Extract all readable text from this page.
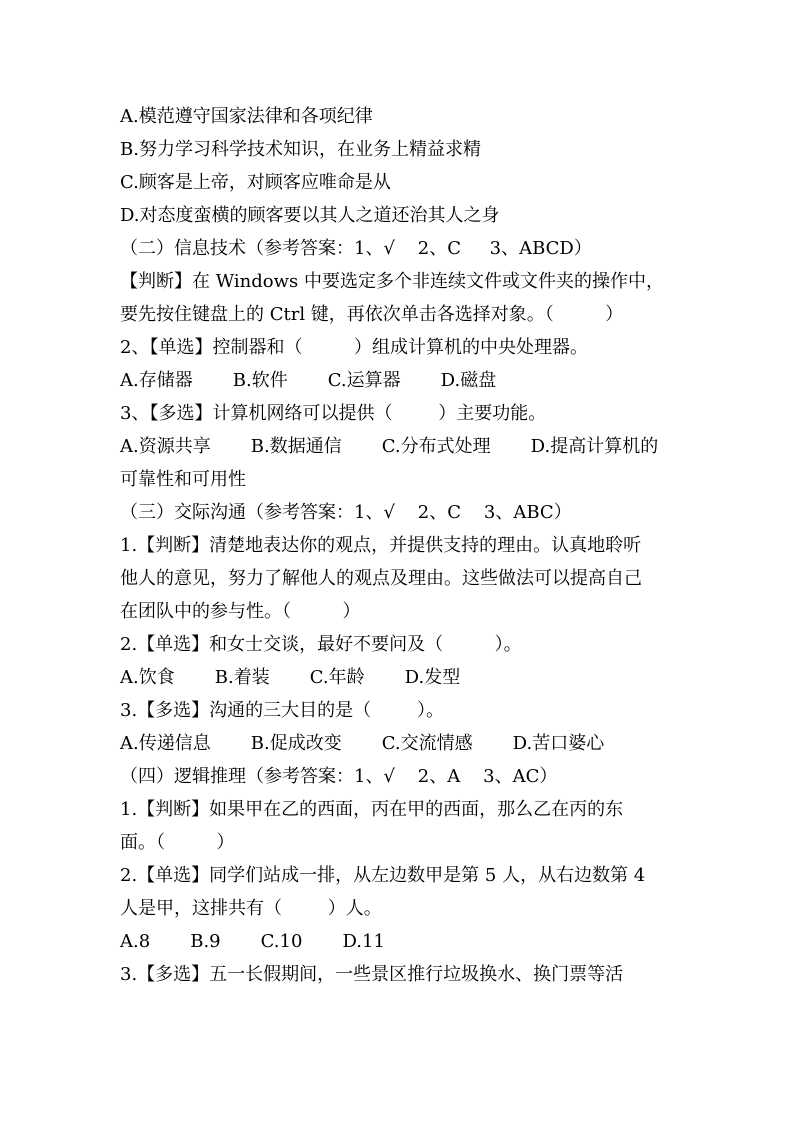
A.模范遵守国家法律和各项纪律
B.努力学习科学技术知识，在业务上精益求精
C.顾客是上帝，对顾客应唯命是从
D.对态度蛮横的顾客要以其人之道还治其人之身
（二）信息技术（参考答案：1、√    2、C     3、ABCD）
【判断】在 Windows 中要选定多个非连续文件或文件夹的操作中，
要先按住键盘上的 Ctrl 键，再依次单击各选择对象。（         ）
2、【单选】控制器和（         ）组成计算机的中央处理器。
A.存储器       B.软件       C.运算器       D.磁盘
3、【多选】计算机网络可以提供（        ）主要功能。
A.资源共享       B.数据通信       C.分布式处理       D.提高计算机的
可靠性和可用性
（三）交际沟通（参考答案：1、√    2、C    3、ABC）
1.【判断】清楚地表达你的观点，并提供支持的理由。认真地聆听
他人的意见，努力了解他人的观点及理由。这些做法可以提高自己
在团队中的参与性。（         ）
2.【单选】和女士交谈，最好不要问及（         ）。
A.饮食       B.着装       C.年龄       D.发型
3.【多选】沟通的三大目的是（        ）。
A.传递信息       B.促成改变       C.交流情感       D.苦口婆心
（四）逻辑推理（参考答案：1、√    2、A    3、AC）
1.【判断】如果甲在乙的西面，丙在甲的西面，那么乙在丙的东
面。（         ）
2.【单选】同学们站成一排，从左边数甲是第 5 人，从右边数第 4
人是甲，这排共有（        ）人。
A.8       B.9       C.10       D.11
3.【多选】五一长假期间，一些景区推行垃圾换水、换门票等活
